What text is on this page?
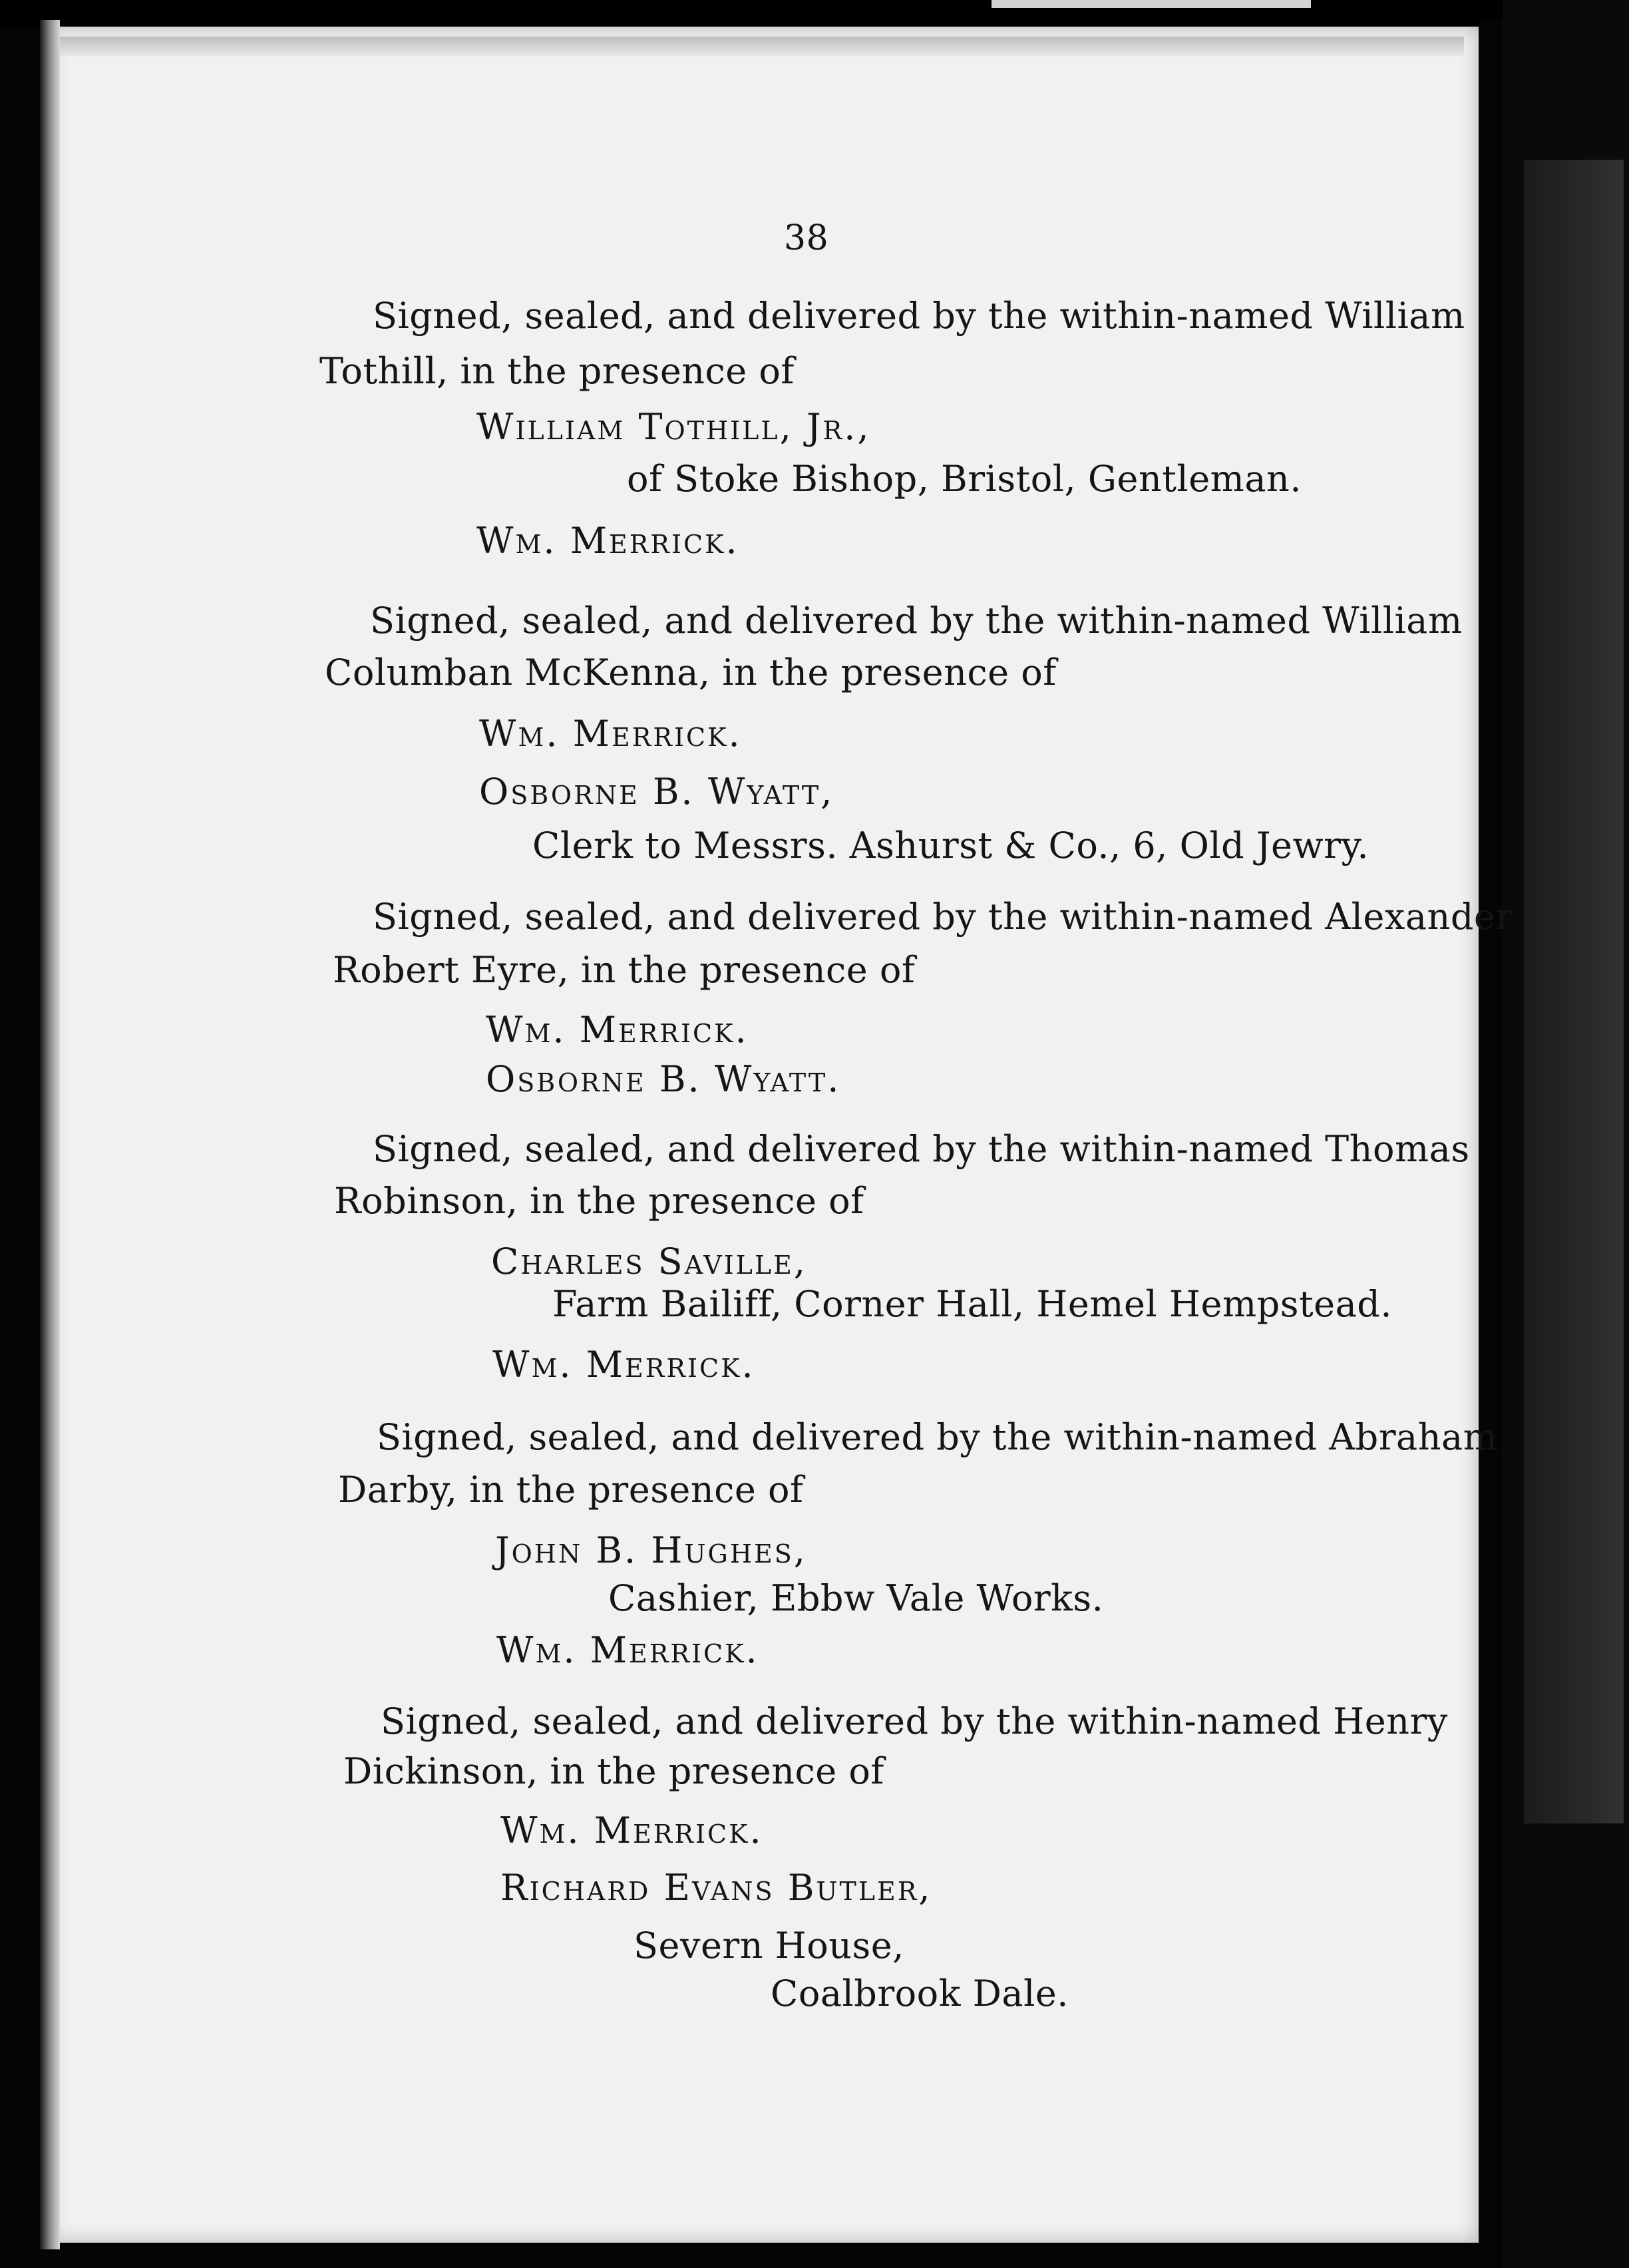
38
Signed, sealed, and delivered by the within-named William
Tothill, in the presence of
William Tothill, Jr.,
of Stoke Bishop, Bristol, Gentleman.
Wm. Merrick.
Signed, sealed, and delivered by the within-named William
Columban McKenna, in the presence of
Wm. Merrick.
Osborne B. Wyatt,
Clerk to Messrs. Ashurst & Co., 6, Old Jewry.
Signed, sealed, and delivered by the within-named Alexander
Robert Eyre, in the presence of
Wm. Merrick.
Osborne B. Wyatt.
Signed, sealed, and delivered by the within-named Thomas
Robinson, in the presence of
Charles Saville,
Farm Bailiff, Corner Hall, Hemel Hempstead.
Wm. Merrick.
Signed, sealed, and delivered by the within-named Abraham
Darby, in the presence of
John B. Hughes,
Cashier, Ebbw Vale Works.
Wm. Merrick.
Signed, sealed, and delivered by the within-named Henry
Dickinson, in the presence of
Wm. Merrick.
Richard Evans Butler,
Severn House,
Coalbrook Dale.
